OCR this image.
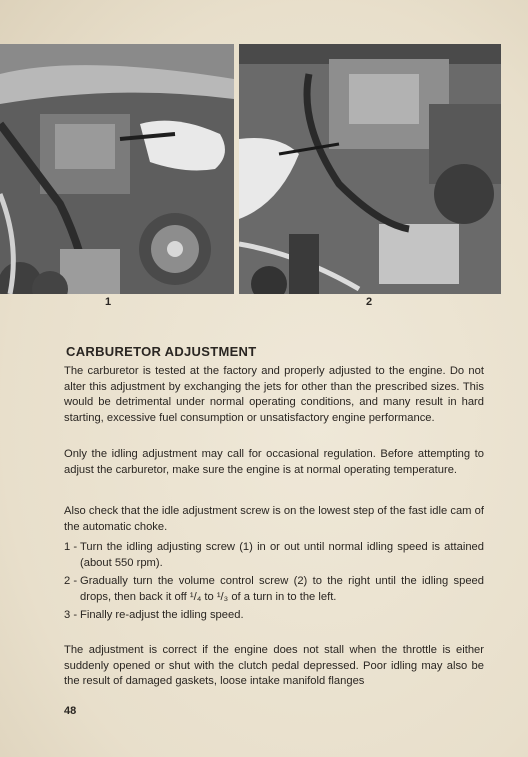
1	2
CARBURETOR ADJUSTMENT

The carburetor is tested at the factory and properly adjusted to the engine. Do not alter this adjustment by exchanging the jets for other than the prescribed sizes. This would be detrimental under normal operating conditions, and many result in hard starting, excessive fuel consumption or unsatisfactory engine performance.

Only the idling adjustment may call for occasional regulation. Before attempting to adjust the carburetor, make sure the engine is at normal operating temperature.

Also check that the idle adjustment screw is on the lowest step of the fast idle cam of the automatic choke.

1 - Turn the idling adjusting screw (1) in or out until normal idling speed is attained (about 550 rpm).
2 - Gradually turn the volume control screw (2) to the right until the idling speed drops, then back it off ¹/₄ to ¹/₃ of a turn in to the left.
3 - Finally re-adjust the idling speed.

The adjustment is correct if the engine does not stall when the throttle is either suddenly opened or shut with the clutch pedal depressed. Poor idling may also be the result of damaged gaskets, loose intake manifold flanges

48
